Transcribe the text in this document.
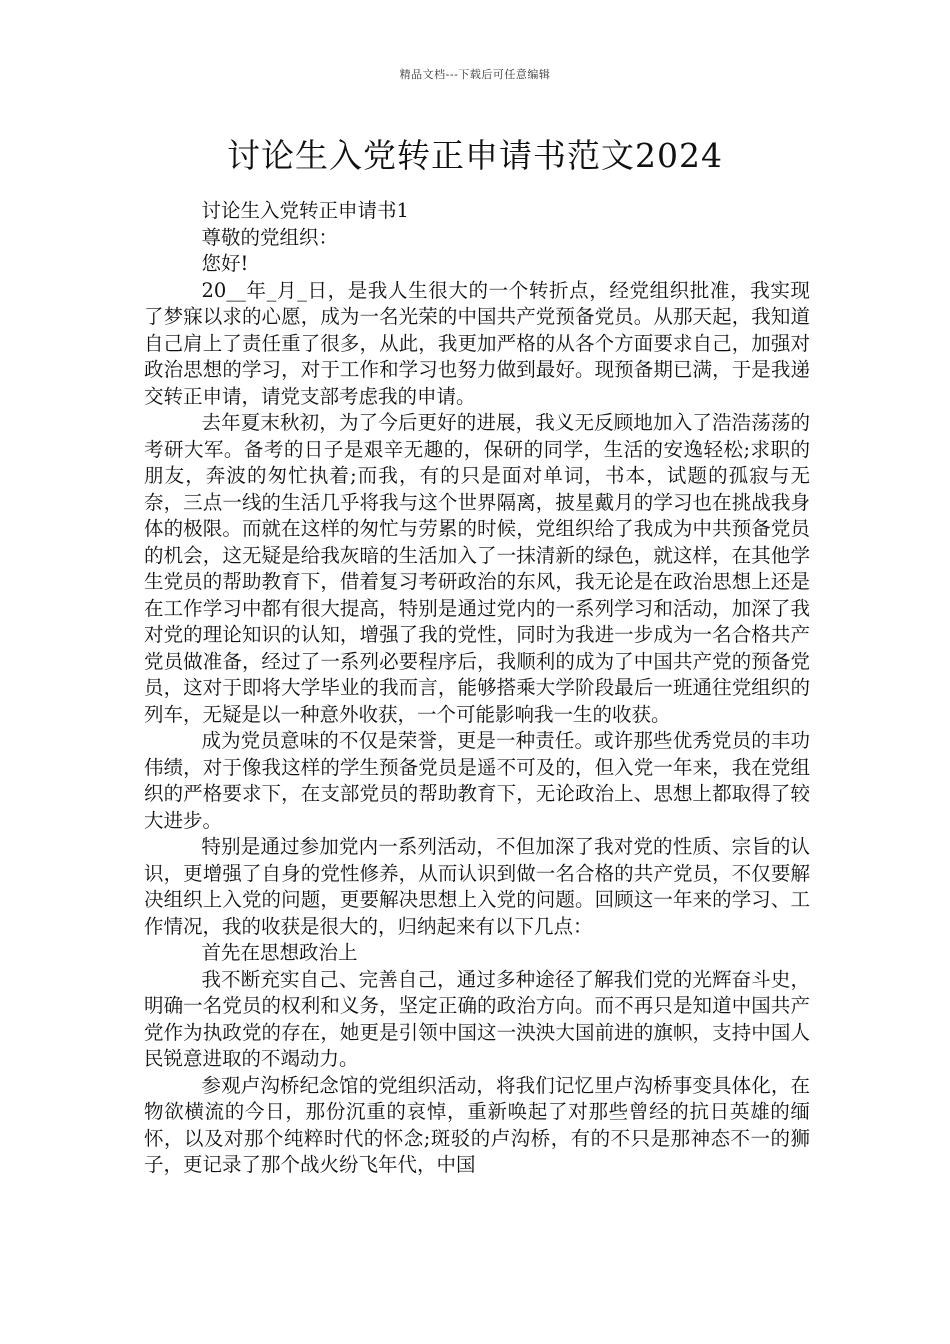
精品文档---下载后可任意编辑
讨论生入党转正申请书范文2024

讨论生入党转正申请书1

尊敬的党组织：

您好!

20__年_月_日，是我人生很大的一个转折点，经党组织批准，我实现了梦寐以求的心愿，成为一名光荣的中国共产党预备党员。从那天起，我知道自己肩上了责任重了很多，从此，我更加严格的从各个方面要求自己，加强对政治思想的学习，对于工作和学习也努力做到最好。现预备期已满，于是我递交转正申请，请党支部考虑我的申请。

去年夏末秋初，为了今后更好的进展，我义无反顾地加入了浩浩荡荡的考研大军。备考的日子是艰辛无趣的，保研的同学，生活的安逸轻松;求职的朋友，奔波的匆忙执着;而我，有的只是面对单词，书本，试题的孤寂与无奈，三点一线的生活几乎将我与这个世界隔离，披星戴月的学习也在挑战我身体的极限。而就在这样的匆忙与劳累的时候，党组织给了我成为中共预备党员的机会，这无疑是给我灰暗的生活加入了一抹清新的绿色，就这样，在其他学生党员的帮助教育下，借着复习考研政治的东风，我无论是在政治思想上还是在工作学习中都有很大提高，特别是通过党内的一系列学习和活动，加深了我对党的理论知识的认知，增强了我的党性，同时为我进一步成为一名合格共产党员做准备，经过了一系列必要程序后，我顺利的成为了中国共产党的预备党员，这对于即将大学毕业的我而言，能够搭乘大学阶段最后一班通往党组织的列车，无疑是以一种意外收获，一个可能影响我一生的收获。

成为党员意味的不仅是荣誉，更是一种责任。或许那些优秀党员的丰功伟绩，对于像我这样的学生预备党员是遥不可及的，但入党一年来，我在党组织的严格要求下，在支部党员的帮助教育下，无论政治上、思想上都取得了较大进步。

特别是通过参加党内一系列活动，不但加深了我对党的性质、宗旨的认识，更增强了自身的党性修养，从而认识到做一名合格的共产党员，不仅要解决组织上入党的问题，更要解决思想上入党的问题。回顾这一年来的学习、工作情况，我的收获是很大的，归纳起来有以下几点：

首先在思想政治上

我不断充实自己、完善自己，通过多种途径了解我们党的光辉奋斗史，明确一名党员的权利和义务，坚定正确的政治方向。而不再只是知道中国共产党作为执政党的存在，她更是引领中国这一泱泱大国前进的旗帜，支持中国人民锐意进取的不竭动力。

参观卢沟桥纪念馆的党组织活动，将我们记忆里卢沟桥事变具体化，在物欲横流的今日，那份沉重的哀悼，重新唤起了对那些曾经的抗日英雄的缅怀，以及对那个纯粹时代的怀念;斑驳的卢沟桥，有的不只是那神态不一的狮子，更记录了那个战火纷飞年代，中国
